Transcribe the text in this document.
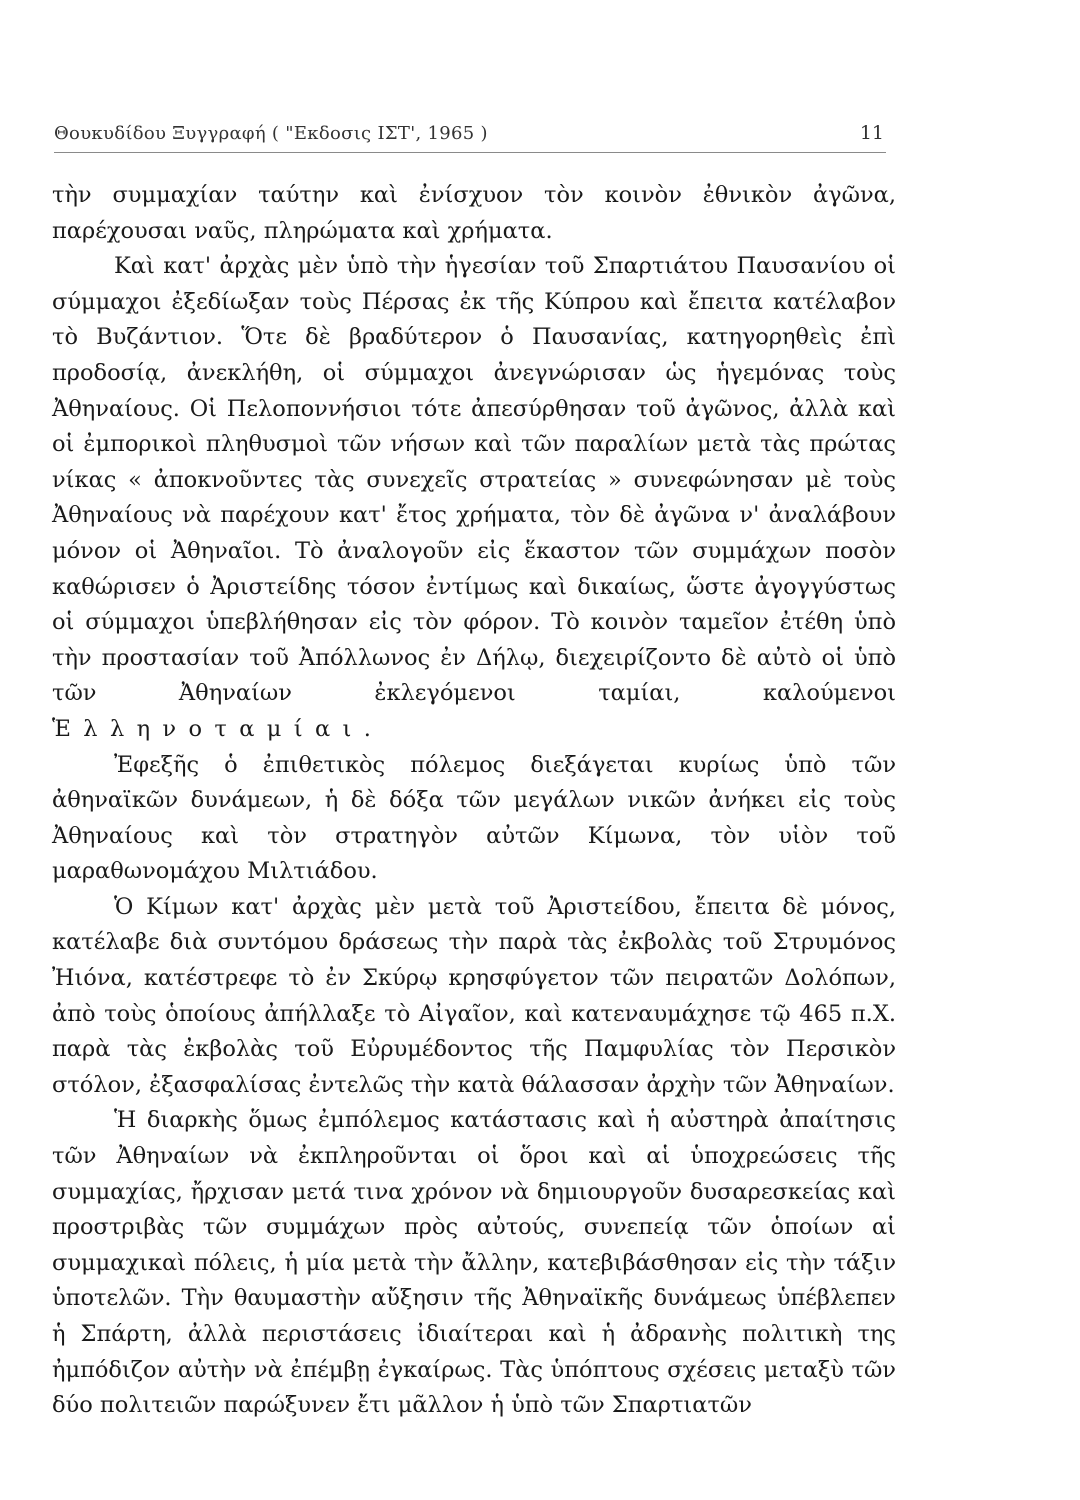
Θουκυδίδου Ξυγγραφή ( "Εκδοσις ΙΣΤ', 1965 )	11

τὴν συμμαχίαν ταύτην καὶ ἐνίσχυον τὸν κοινὸν ἐθνικὸν ἀγῶνα, παρέχουσαι ναῦς, πληρώματα καὶ χρήματα.

Καὶ κατ' ἀρχὰς μὲν ὑπὸ τὴν ἡγεσίαν τοῦ Σπαρτιάτου Παυσανίου οἱ σύμμαχοι ἐξεδίωξαν τοὺς Πέρσας ἐκ τῆς Κύπρου καὶ ἔπειτα κατέλαβον τὸ Βυζάντιον. Ὅτε δὲ βραδύτερον ὁ Παυσανίας, κατηγορηθεὶς ἐπὶ προδοσίᾳ, ἀνεκλήθη, οἱ σύμμαχοι ἀνεγνώρισαν ὡς ἡγεμόνας τοὺς Ἀθηναίους. Οἱ Πελοποννήσιοι τότε ἀπεσύρθησαν τοῦ ἀγῶνος, ἀλλὰ καὶ οἱ ἐμπορικοὶ πληθυσμοὶ τῶν νήσων καὶ τῶν παραλίων μετὰ τὰς πρώτας νίκας « ἀποκνοῦντες τὰς συνεχεῖς στρατείας » συνεφώνησαν μὲ τοὺς Ἀθηναίους νὰ παρέχουν κατ' ἔτος χρήματα, τὸν δὲ ἀγῶνα ν' ἀναλάβουν μόνον οἱ Ἀθηναῖοι. Τὸ ἀναλογοῦν εἰς ἕκαστον τῶν συμμάχων ποσὸν καθώρισεν ὁ Ἀριστείδης τόσον ἐντίμως καὶ δικαίως, ὥστε ἀγογγύστως οἱ σύμμαχοι ὑπεβλήθησαν εἰς τὸν φόρον. Τὸ κοινὸν ταμεῖον ἐτέθη ὑπὸ τὴν προστασίαν τοῦ Ἀπόλλωνος ἐν Δήλῳ, διεχειρίζοντο δὲ αὐτὸ οἱ ὑπὸ τῶν Ἀθηναίων ἐκλεγόμενοι ταμίαι, καλούμενοι Ἑλληνοταμίαι.

Ἐφεξῆς ὁ ἐπιθετικὸς πόλεμος διεξάγεται κυρίως ὑπὸ τῶν ἀθηναϊκῶν δυνάμεων, ἡ δὲ δόξα τῶν μεγάλων νικῶν ἀνήκει εἰς τοὺς Ἀθηναίους καὶ τὸν στρατηγὸν αὐτῶν Κίμωνα, τὸν υἱὸν τοῦ μαραθωνομάχου Μιλτιάδου.

Ὁ Κίμων κατ' ἀρχὰς μὲν μετὰ τοῦ Ἀριστείδου, ἔπειτα δὲ μόνος, κατέλαβε διὰ συντόμου δράσεως τὴν παρὰ τὰς ἐκβολὰς τοῦ Στρυμόνος Ἠιόνα, κατέστρεφε τὸ ἐν Σκύρῳ κρησφύγετον τῶν πειρατῶν Δολόπων, ἀπὸ τοὺς ὁποίους ἀπήλλαξε τὸ Αἰγαῖον, καὶ κατεναυμάχησε τῷ 465 π.Χ. παρὰ τὰς ἐκβολὰς τοῦ Εὐρυμέδοντος τῆς Παμφυλίας τὸν Περσικὸν στόλον, ἐξασφαλίσας ἐντελῶς τὴν κατὰ θάλασσαν ἀρχὴν τῶν Ἀθηναίων.

Ἡ διαρκὴς ὅμως ἐμπόλεμος κατάστασις καὶ ἡ αὐστηρὰ ἀπαίτησις τῶν Ἀθηναίων νὰ ἐκπληροῦνται οἱ ὅροι καὶ αἱ ὑποχρεώσεις τῆς συμμαχίας, ἤρχισαν μετά τινα χρόνον νὰ δημιουργοῦν δυσαρεσκείας καὶ προστριβὰς τῶν συμμάχων πρὸς αὐτούς, συνεπείᾳ τῶν ὁποίων αἱ συμμαχικαὶ πόλεις, ἡ μία μετὰ τὴν ἄλλην, κατεβιβάσθησαν εἰς τὴν τάξιν ὑποτελῶν. Τὴν θαυμαστὴν αὔξησιν τῆς Ἀθηναϊκῆς δυνάμεως ὑπέβλεπεν ἡ Σπάρτη, ἀλλὰ περιστάσεις ἰδιαίτεραι καὶ ἡ ἀδρανὴς πολιτικὴ της ἠμπόδιζον αὐτὴν νὰ ἐπέμβῃ ἐγκαίρως. Τὰς ὑπόπτους σχέσεις μεταξὺ τῶν δύο πολιτειῶν παρώξυνεν ἔτι μᾶλλον ἡ ὑπὸ τῶν Σπαρτιατῶν
